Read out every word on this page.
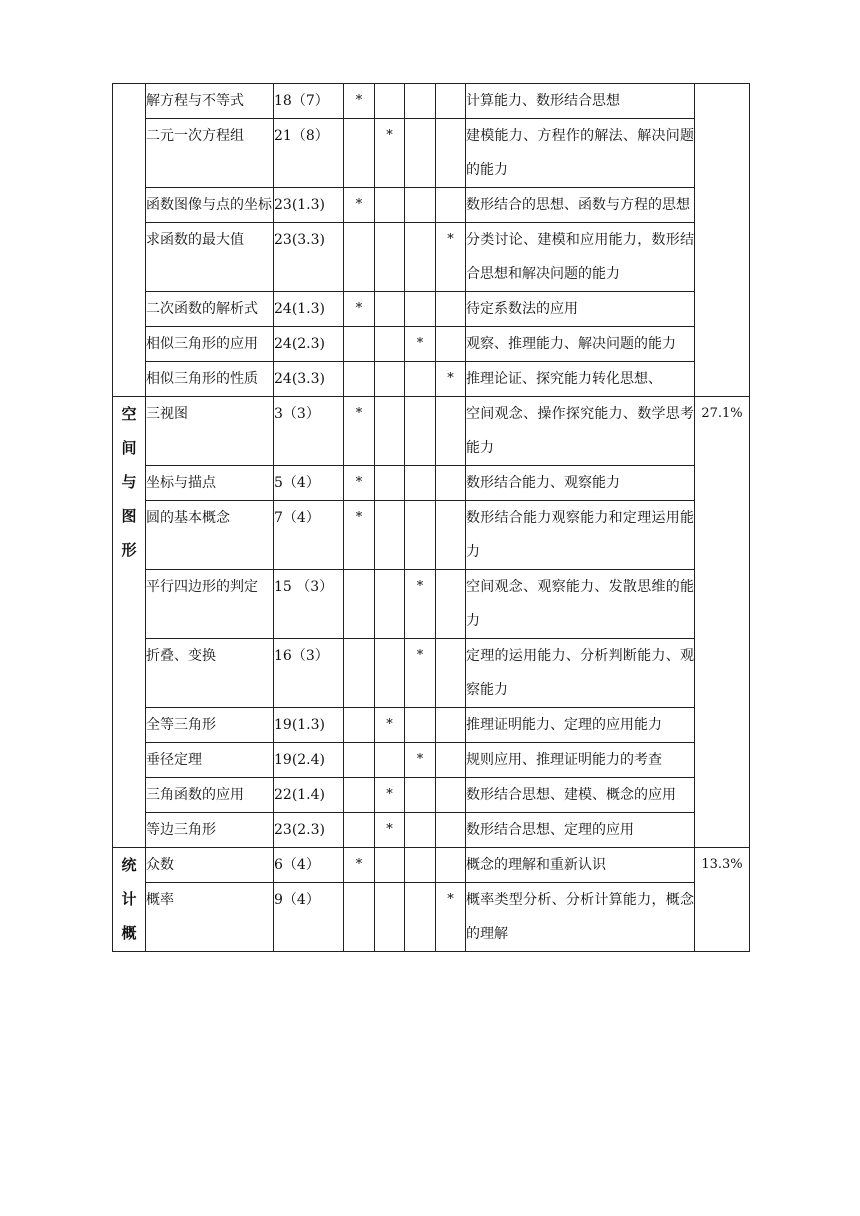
	解方程与不等式	18（7）	*				计算能力、数形结合思想	
	二元一次方程组	21（8）		*			建模能力、方程作的解法、解决问题的能力	
	函数图像与点的坐标	23(1.3)	*				数形结合的思想、函数与方程的思想	
	求函数的最大值	23(3.3)				*	分类讨论、建模和应用能力，数形结合思想和解决问题的能力	
	二次函数的解析式	24(1.3)	*				待定系数法的应用	
	相似三角形的应用	24(2.3)			*		观察、推理能力、解决问题的能力	
	相似三角形的性质	24(3.3)				*	推理论证、探究能力转化思想、	

空
间
与
图
形	三视图	3（3）	*				空间观念、操作探究能力、数学思考能力	27.1%
	坐标与描点	5（4）	*				数形结合能力、观察能力	
	圆的基本概念	7（4）	*				数形结合能力观察能力和定理运用能力	
	平行四边形的判定	15 （3）			*		空间观念、观察能力、发散思维的能力	
	折叠、变换	16（3）			*		定理的运用能力、分析判断能力、观察能力	
	全等三角形	19(1.3)		*			推理证明能力、定理的应用能力	
	垂径定理	19(2.4)			*		规则应用、推理证明能力的考查	
	三角函数的应用	22(1.4)		*			数形结合思想、建模、概念的应用	
	等边三角形	23(2.3)		*			数形结合思想、定理的应用	

统
计
概	众数	6（4）	*				概念的理解和重新认识	13.3%
	概率	9（4）				*	概率类型分析、分析计算能力，概念的理解	
